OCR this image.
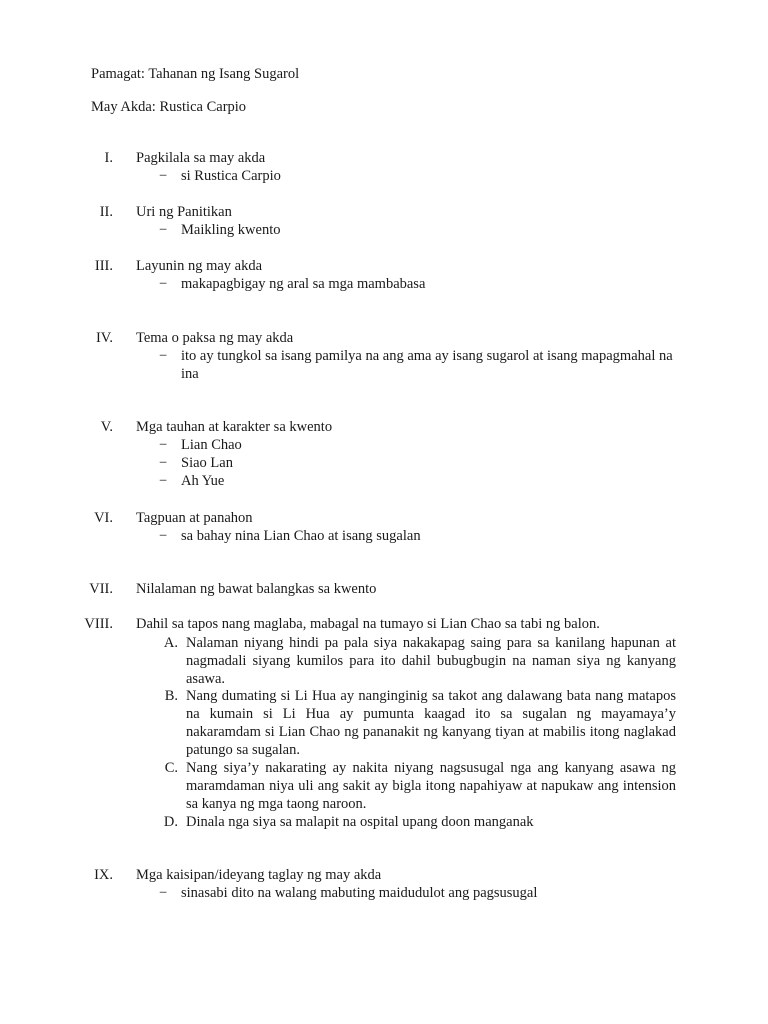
Pamagat: Tahanan ng Isang Sugarol
May Akda: Rustica Carpio
I. Pagkilala sa may akda
− si Rustica Carpio
II. Uri ng Panitikan
− Maikling kwento
III. Layunin ng may akda
− makapagbigay ng aral sa mga mambabasa
IV. Tema o paksa ng may akda
− ito ay tungkol sa isang pamilya na ang ama ay isang sugarol at isang mapagmahal na ina
V. Mga tauhan at karakter sa kwento
− Lian Chao
− Siao Lan
− Ah Yue
VI. Tagpuan at panahon
− sa bahay nina Lian Chao at isang sugalan
VII. Nilalaman ng bawat balangkas sa kwento
VIII. Dahil sa tapos nang maglaba, mabagal na tumayo si Lian Chao sa tabi ng balon.
A. Nalaman niyang hindi pa pala siya nakakapag saing para sa kanilang hapunan at nagmadali siyang kumilos para ito dahil bubugbugin na naman siya ng kanyang asawa.
B. Nang dumating si Li Hua ay nanginginig sa takot ang dalawang bata nang matapos na kumain si Li Hua ay pumunta kaagad ito sa sugalan ng mayamaya’y nakaramdam si Lian Chao ng pananakit ng kanyang tiyan at mabilis itong naglakad patungo sa sugalan.
C. Nang siya’y nakarating ay nakita niyang nagsusugal nga ang kanyang asawa ng maramdaman niya uli ang sakit ay bigla itong napahiyaw at napukaw ang intension sa kanya ng mga taong naroon.
D. Dinala nga siya sa malapit na ospital upang doon manganak
IX. Mga kaisipan/ideyang taglay ng may akda
− sinasabi dito na walang mabuting maidudulot ang pagsusugal
